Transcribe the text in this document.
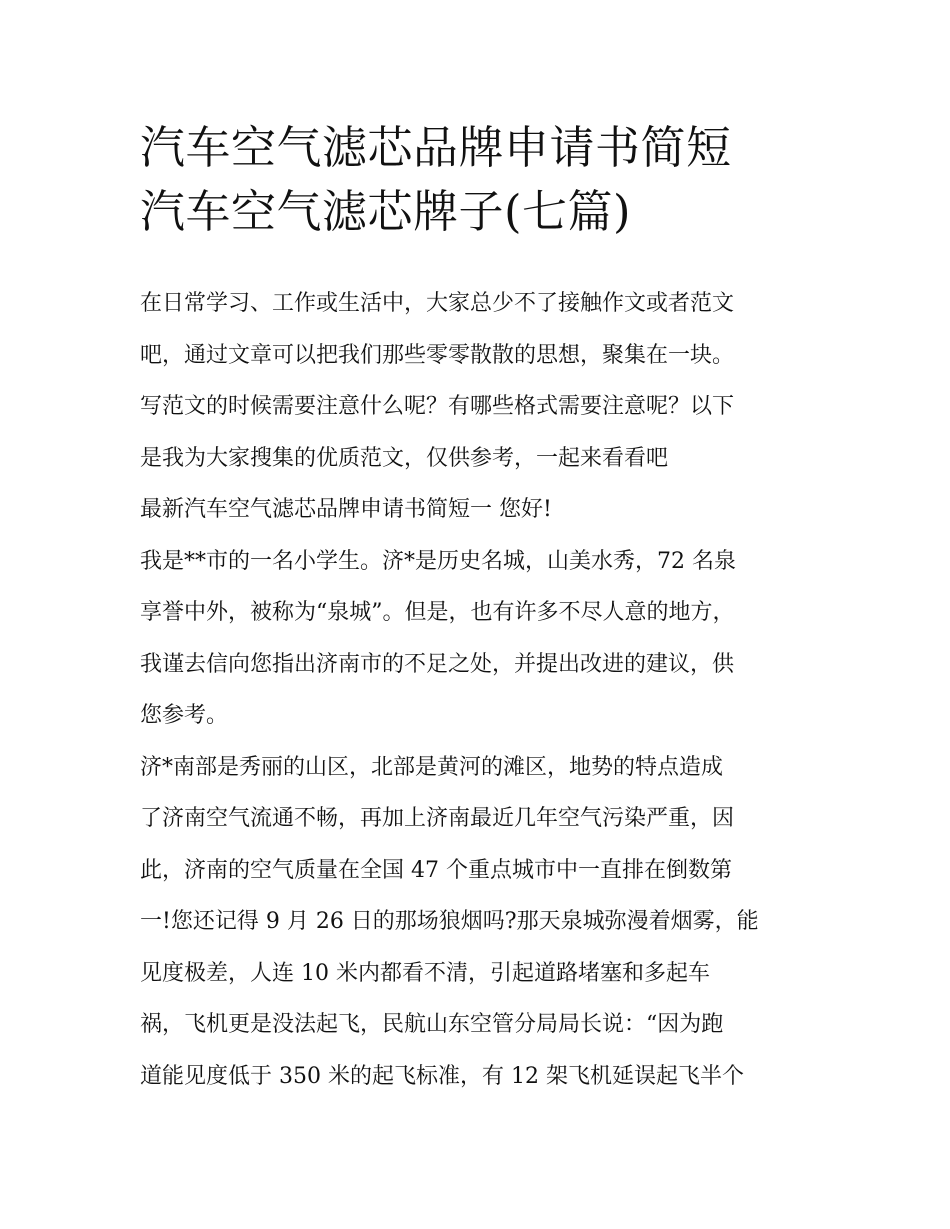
汽车空气滤芯品牌申请书简短
汽车空气滤芯牌子(七篇)
在日常学习、工作或生活中，大家总少不了接触作文或者范文
吧，通过文章可以把我们那些零零散散的思想，聚集在一块。
写范文的时候需要注意什么呢？有哪些格式需要注意呢？以下
是我为大家搜集的优质范文，仅供参考，一起来看看吧
最新汽车空气滤芯品牌申请书简短一 您好!
我是**市的一名小学生。济*是历史名城，山美水秀，72 名泉
享誉中外，被称为“泉城”。但是，也有许多不尽人意的地方，
我谨去信向您指出济南市的不足之处，并提出改进的建议，供
您参考。
济*南部是秀丽的山区，北部是黄河的滩区，地势的特点造成
了济南空气流通不畅，再加上济南最近几年空气污染严重，因
此，济南的空气质量在全国 47 个重点城市中一直排在倒数第
一!您还记得 9 月 26 日的那场狼烟吗?那天泉城弥漫着烟雾，能
见度极差，人连 10 米内都看不清，引起道路堵塞和多起车
祸，飞机更是没法起飞，民航山东空管分局局长说：“因为跑
道能见度低于 350 米的起飞标准，有 12 架飞机延误起飞半个
